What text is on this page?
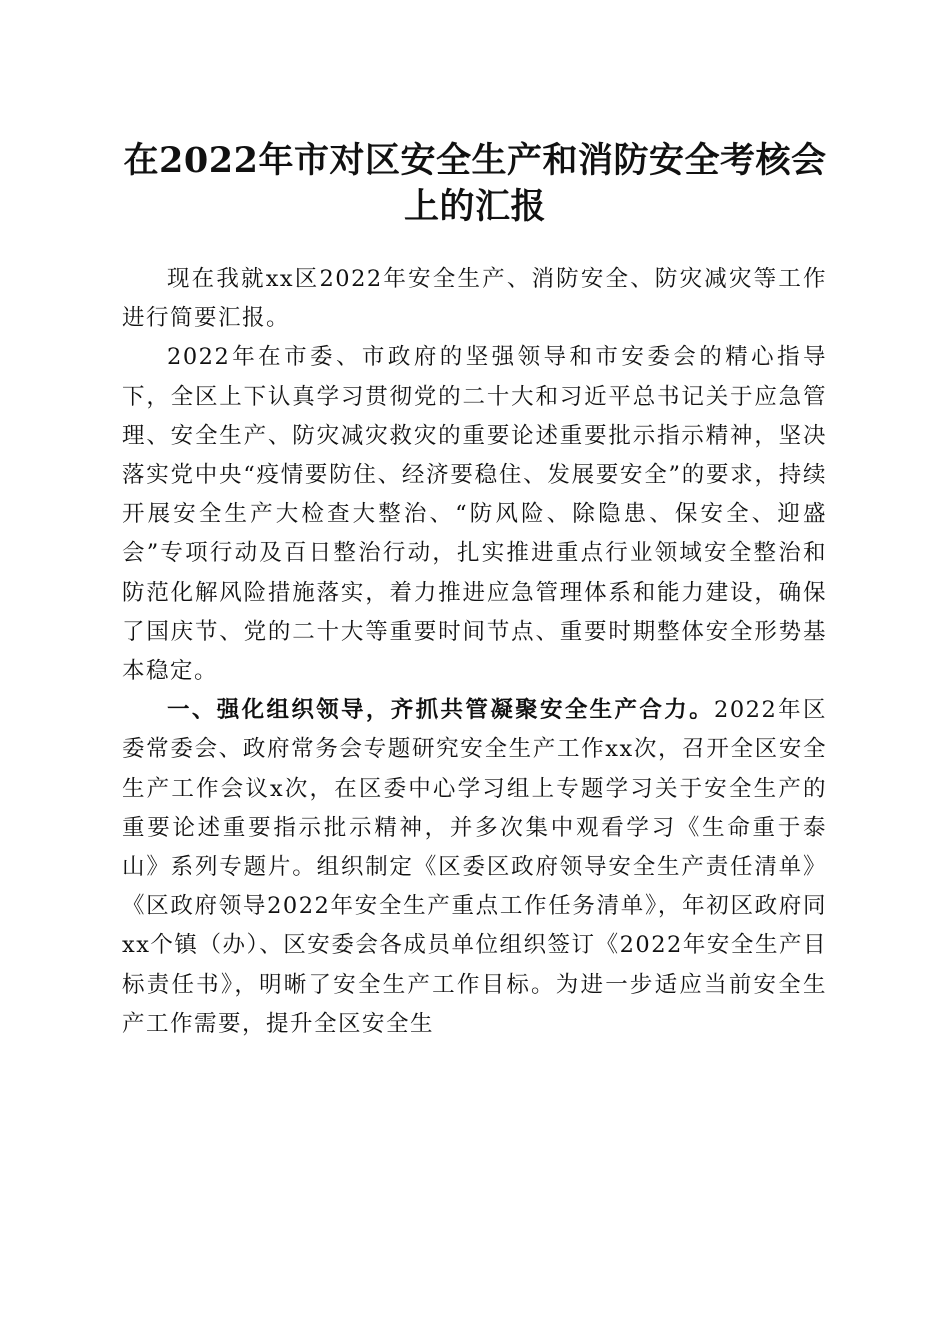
在2022年市对区安全生产和消防安全考核会上的汇报

现在我就xx区2022年安全生产、消防安全、防灾减灾等工作进行简要汇报。

2022年在市委、市政府的坚强领导和市安委会的精心指导下，全区上下认真学习贯彻党的二十大和习近平总书记关于应急管理、安全生产、防灾减灾救灾的重要论述重要批示指示精神，坚决落实党中央“疫情要防住、经济要稳住、发展要安全”的要求，持续开展安全生产大检查大整治、“防风险、除隐患、保安全、迎盛会”专项行动及百日整治行动，扎实推进重点行业领域安全整治和防范化解风险措施落实，着力推进应急管理体系和能力建设，确保了国庆节、党的二十大等重要时间节点、重要时期整体安全形势基本稳定。

一、强化组织领导，齐抓共管凝聚安全生产合力。2022年区委常委会、政府常务会专题研究安全生产工作xx次，召开全区安全生产工作会议x次，在区委中心学习组上专题学习关于安全生产的重要论述重要指示批示精神，并多次集中观看学习《生命重于泰山》系列专题片。组织制定《区委区政府领导安全生产责任清单》《区政府领导2022年安全生产重点工作任务清单》，年初区政府同xx个镇（办）、区安委会各成员单位组织签订《2022年安全生产目标责任书》，明晰了安全生产工作目标。为进一步适应当前安全生产工作需要，提升全区安全生
